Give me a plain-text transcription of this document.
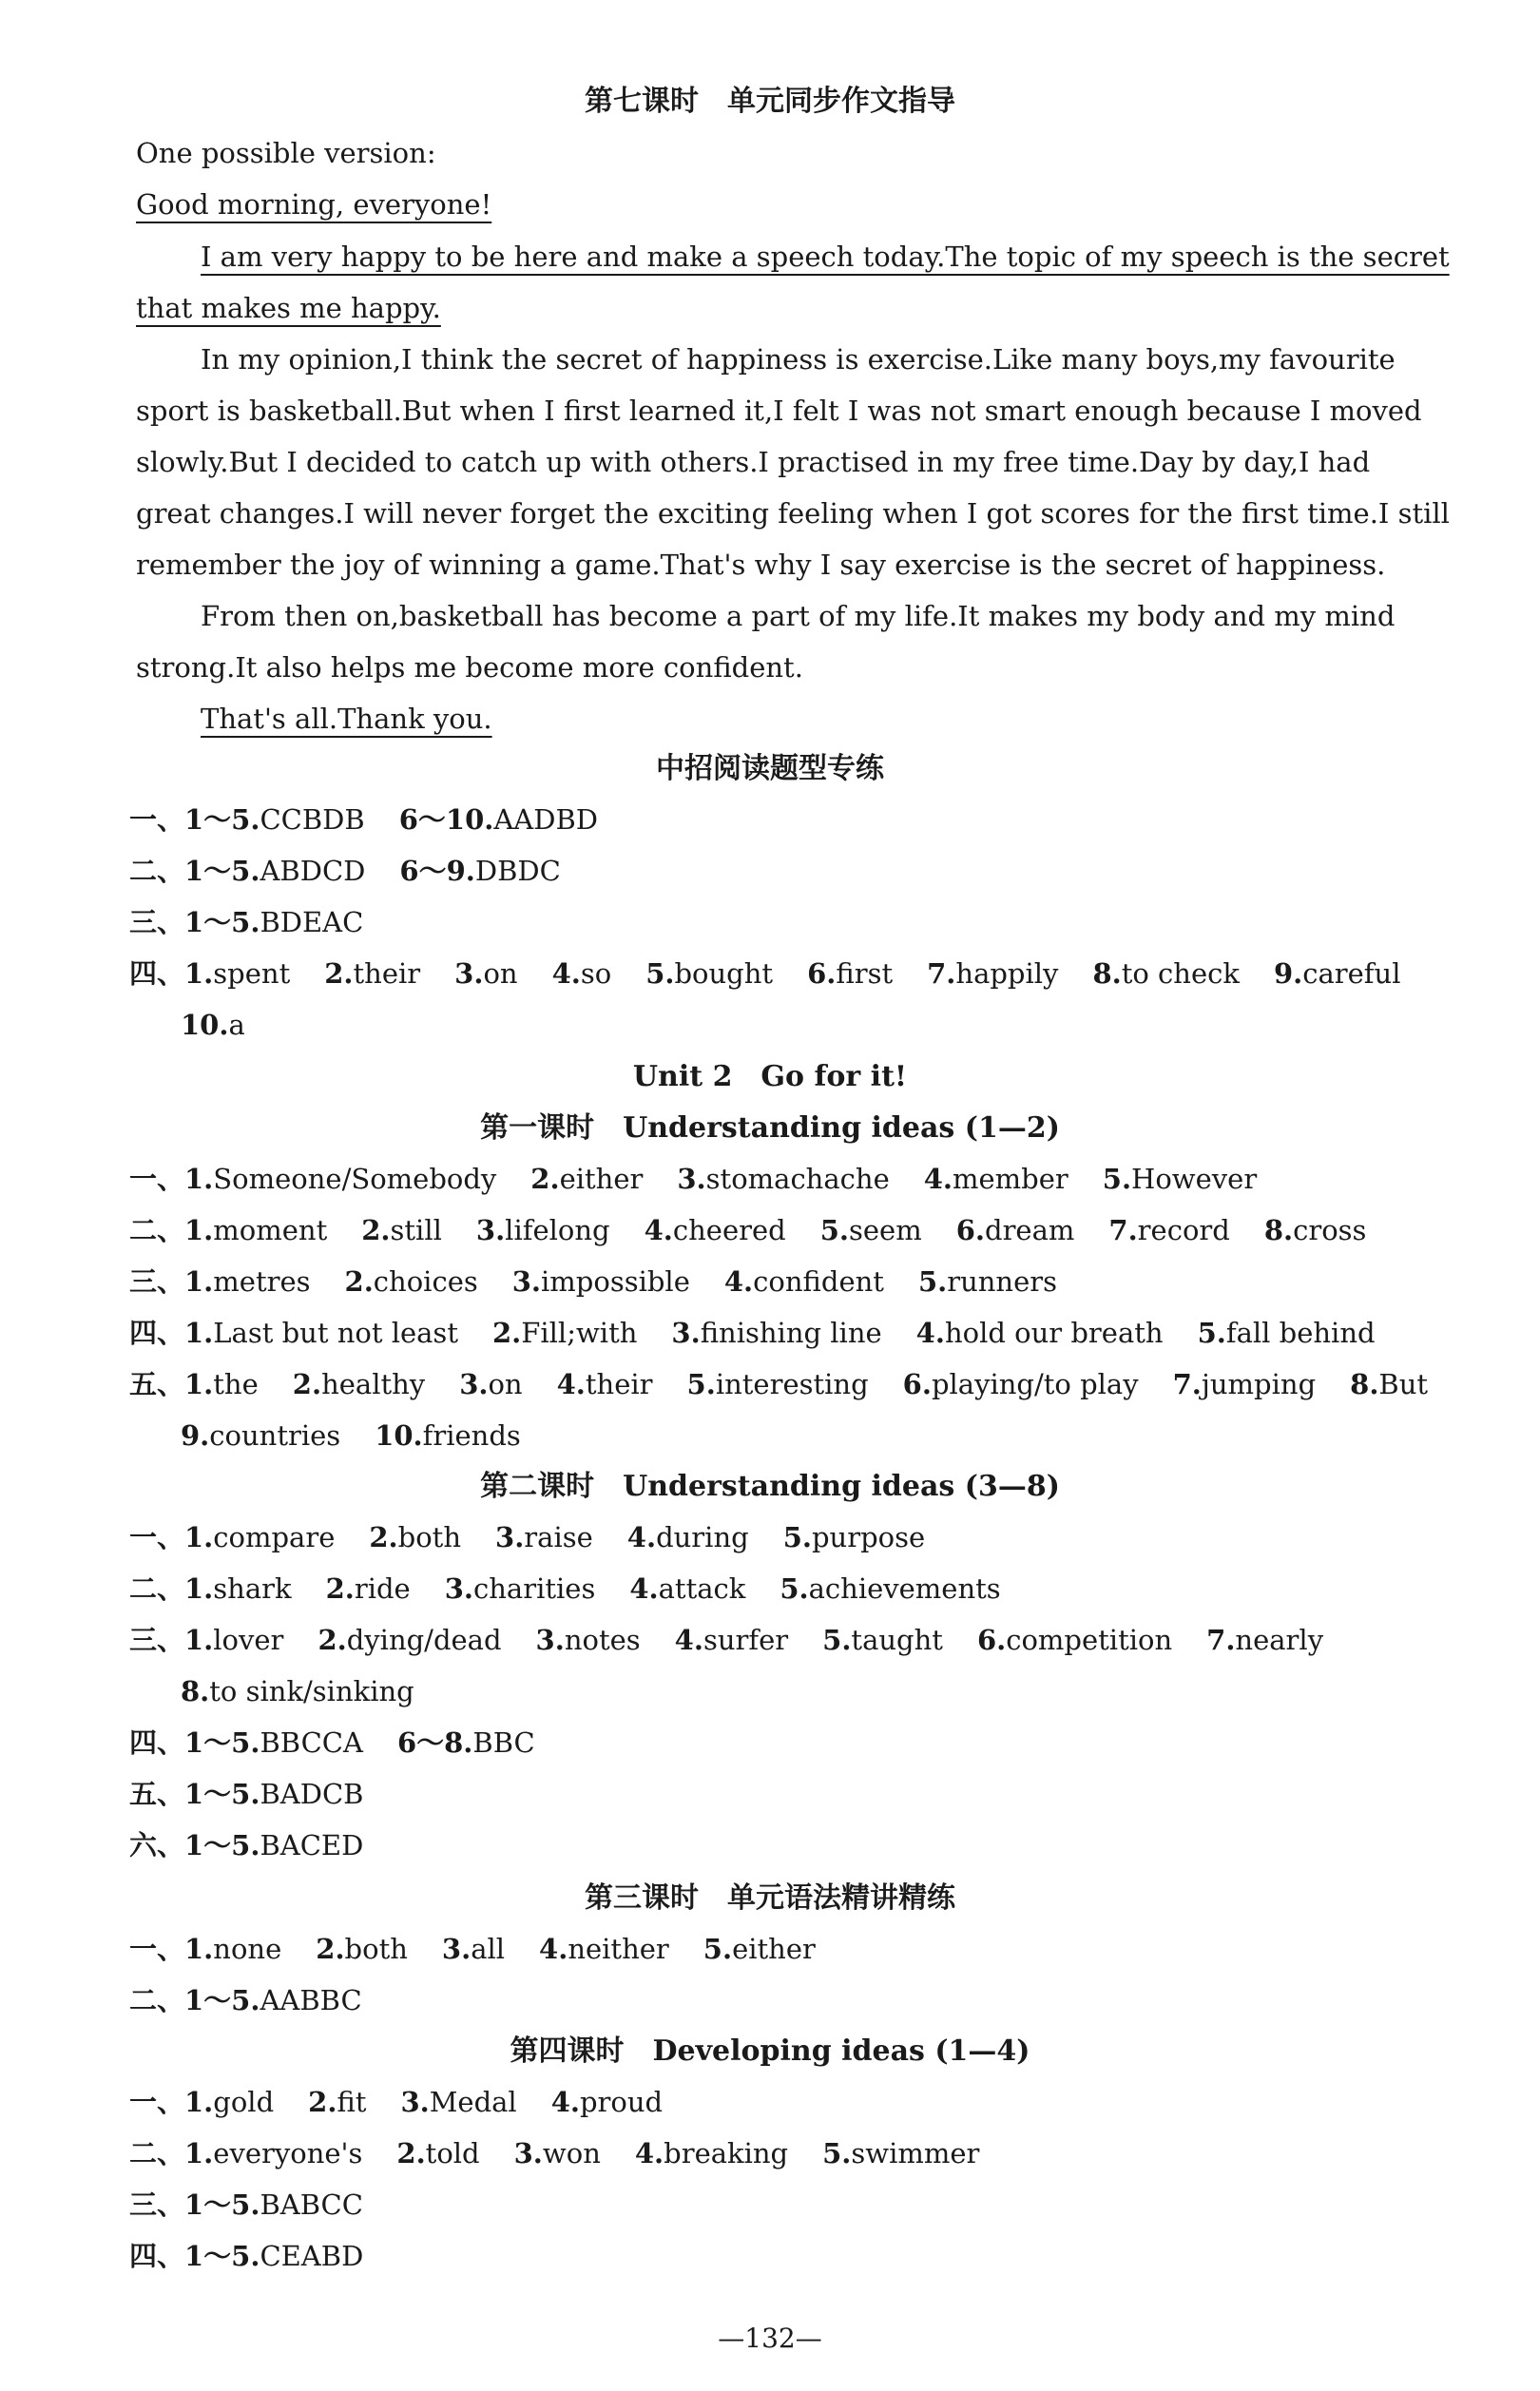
第七课时　单元同步作文指导
One possible version:
Good morning, everyone!
I am very happy to be here and make a speech today.The topic of my speech is the secret
that makes me happy.
In my opinion,I think the secret of happiness is exercise.Like many boys,my favourite
sport is basketball.But when I first learned it,I felt I was not smart enough because I moved
slowly.But I decided to catch up with others.I practised in my free time.Day by day,I had
great changes.I will never forget the exciting feeling when I got scores for the first time.I still
remember the joy of winning a game.That's why I say exercise is the secret of happiness.
From then on,basketball has become a part of my life.It makes my body and my mind
strong.It also helps me become more confident.
That's all.Thank you.
中招阅读题型专练
一、1～5.CCBDB 6～10.AADBD
二、1～5.ABDCD 6～9.DBDC
三、1～5.BDEAC
四、1.spent 2.their 3.on 4.so 5.bought 6.first 7.happily 8.to check 9.careful
10.a
Unit 2　Go for it!
第一课时　Understanding ideas (1—2)
一、1.Someone/Somebody 2.either 3.stomachache 4.member 5.However
二、1.moment 2.still 3.lifelong 4.cheered 5.seem 6.dream 7.record 8.cross
三、1.metres 2.choices 3.impossible 4.confident 5.runners
四、1.Last but not least 2.Fill;with 3.finishing line 4.hold our breath 5.fall behind
五、1.the 2.healthy 3.on 4.their 5.interesting 6.playing/to play 7.jumping 8.But
9.countries 10.friends
第二课时　Understanding ideas (3—8)
一、1.compare 2.both 3.raise 4.during 5.purpose
二、1.shark 2.ride 3.charities 4.attack 5.achievements
三、1.lover 2.dying/dead 3.notes 4.surfer 5.taught 6.competition 7.nearly
8.to sink/sinking
四、1～5.BBCCA 6～8.BBC
五、1～5.BADCB
六、1～5.BACED
第三课时　单元语法精讲精练
一、1.none 2.both 3.all 4.neither 5.either
二、1～5.AABBC
第四课时　Developing ideas (1—4)
一、1.gold 2.fit 3.Medal 4.proud
二、1.everyone's 2.told 3.won 4.breaking 5.swimmer
三、1～5.BABCC
四、1～5.CEABD
—132—
